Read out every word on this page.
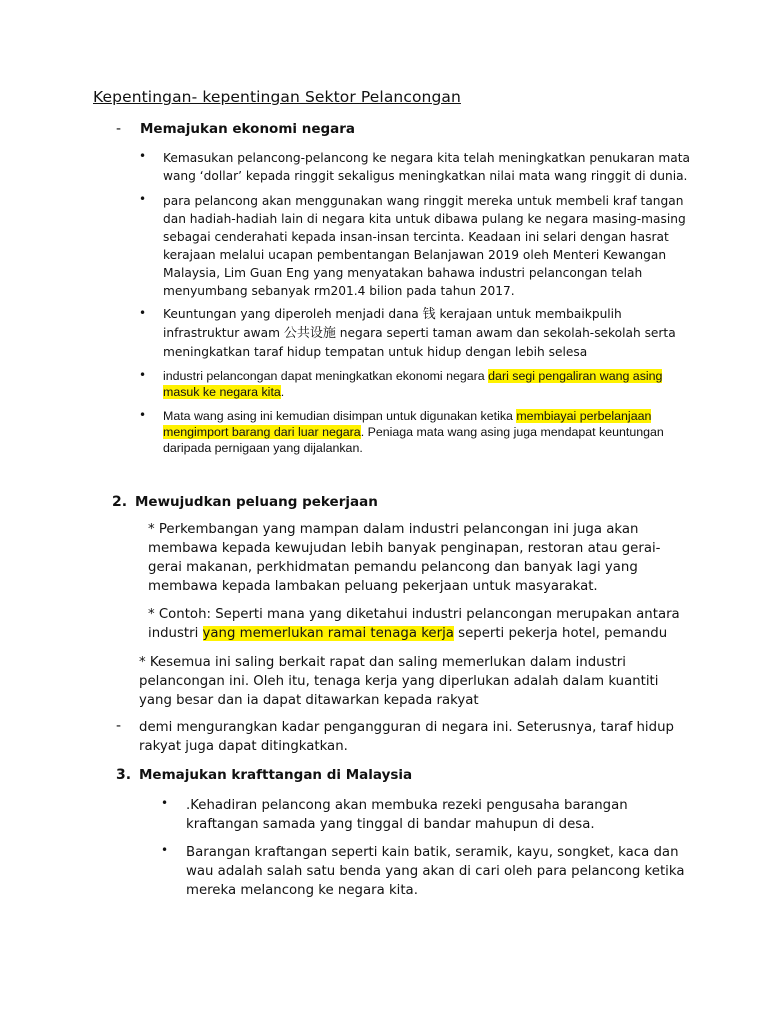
Kepentingan- kepentingan Sektor Pelancongan
- Memajukan ekonomi negara
• Kemasukan pelancong-pelancong ke negara kita telah meningkatkan penukaran mata wang ‘dollar’ kepada ringgit sekaligus meningkatkan nilai mata wang ringgit di dunia.
• para pelancong akan menggunakan wang ringgit mereka untuk membeli kraf tangan dan hadiah-hadiah lain di negara kita untuk dibawa pulang ke negara masing-masing sebagai cenderahati kepada insan-insan tercinta. Keadaan ini selari dengan hasrat kerajaan melalui ucapan pembentangan Belanjawan 2019 oleh Menteri Kewangan Malaysia, Lim Guan Eng yang menyatakan bahawa industri pelancongan telah menyumbang sebanyak rm201.4 bilion pada tahun 2017.
• Keuntungan yang diperoleh menjadi dana 钱 kerajaan untuk membaikpulih infrastruktur awam 公共设施 negara seperti taman awam dan sekolah-sekolah serta meningkatkan taraf hidup tempatan untuk hidup dengan lebih selesa
• industri pelancongan dapat meningkatkan ekonomi negara dari segi pengaliran wang asing masuk ke negara kita.
• Mata wang asing ini kemudian disimpan untuk digunakan ketika membiayai perbelanjaan mengimport barang dari luar negara. Peniaga mata wang asing juga mendapat keuntungan daripada pernigaan yang dijalankan.
2. Mewujudkan peluang pekerjaan
* Perkembangan yang mampan dalam industri pelancongan ini juga akan membawa kepada kewujudan lebih banyak penginapan, restoran atau gerai-gerai makanan, perkhidmatan pemandu pelancong dan banyak lagi yang membawa kepada lambakan peluang pekerjaan untuk masyarakat.
* Contoh: Seperti mana yang diketahui industri pelancongan merupakan antara industri yang memerlukan ramai tenaga kerja seperti pekerja hotel, pemandu
* Kesemua ini saling berkait rapat dan saling memerlukan dalam industri pelancongan ini. Oleh itu, tenaga kerja yang diperlukan adalah dalam kuantiti yang besar dan ia dapat ditawarkan kepada rakyat
- demi mengurangkan kadar pengangguran di negara ini. Seterusnya, taraf hidup rakyat juga dapat ditingkatkan.
3. Memajukan krafttangan di Malaysia
• .Kehadiran pelancong akan membuka rezeki pengusaha barangan kraftangan samada yang tinggal di bandar mahupun di desa.
• Barangan kraftangan seperti kain batik, seramik, kayu, songket, kaca dan wau adalah salah satu benda yang akan di cari oleh para pelancong ketika mereka melancong ke negara kita.
